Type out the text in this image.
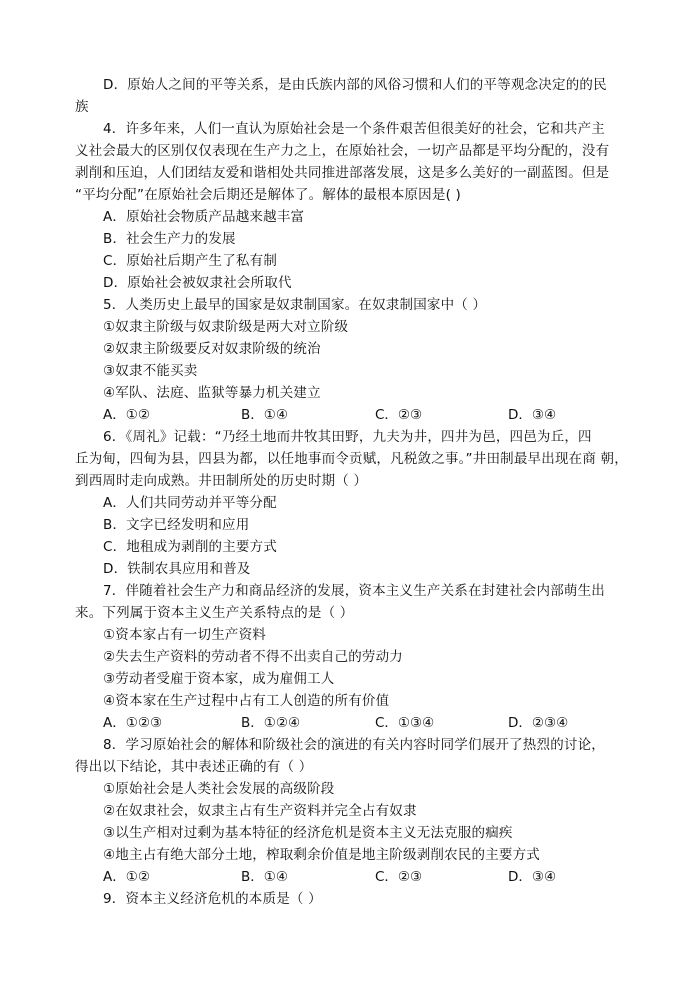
D．原始人之间的平等关系，是由氏族内部的风俗习惯和人们的平等观念决定的的民
族
4．许多年来，人们一直认为原始社会是一个条件艰苦但很美好的社会，它和共产主
义社会最大的区别仅仅表现在生产力之上，在原始社会，一切产品都是平均分配的，没有
剥削和压迫，人们团结友爱和谐相处共同推进部落发展，这是多么美好的一副蓝图。但是
“平均分配”在原始社会后期还是解体了。解体的最根本原因是( )
A．原始社会物质产品越来越丰富
B．社会生产力的发展
C．原始社后期产生了私有制
D．原始社会被奴隶社会所取代
5．人类历史上最早的国家是奴隶制国家。在奴隶制国家中（ ）
①奴隶主阶级与奴隶阶级是两大对立阶级
②奴隶主阶级要反对奴隶阶级的统治
③奴隶不能买卖
④军队、法庭、监狱等暴力机关建立
A．①②	B．①④	C．②③	D．③④
6．《周礼》记载：“乃经土地而井牧其田野，九夫为井，四井为邑，四邑为丘，四
丘为甸，四甸为县，四县为都，以任地事而令贡赋，凡税敛之事。”井田制最早出现在商 朝，
到西周时走向成熟。井田制所处的历史时期（ ）
A．人们共同劳动并平等分配
B．文字已经发明和应用
C．地租成为剥削的主要方式
D．铁制农具应用和普及
7．伴随着社会生产力和商品经济的发展，资本主义生产关系在封建社会内部萌生出
来。下列属于资本主义生产关系特点的是（ ）
①资本家占有一切生产资料
②失去生产资料的劳动者不得不出卖自己的劳动力
③劳动者受雇于资本家，成为雇佣工人
④资本家在生产过程中占有工人创造的所有价值
A．①②③	B．①②④	C．①③④	D．②③④
8．学习原始社会的解体和阶级社会的演进的有关内容时同学们展开了热烈的讨论，
得出以下结论，其中表述正确的有（ ）
①原始社会是人类社会发展的高级阶段
②在奴隶社会，奴隶主占有生产资料并完全占有奴隶
③以生产相对过剩为基本特征的经济危机是资本主义无法克服的痼疾
④地主占有绝大部分土地，榨取剩余价值是地主阶级剥削农民的主要方式
A．①②	B．①④	C．②③	D．③④
9．资本主义经济危机的本质是（ ）
